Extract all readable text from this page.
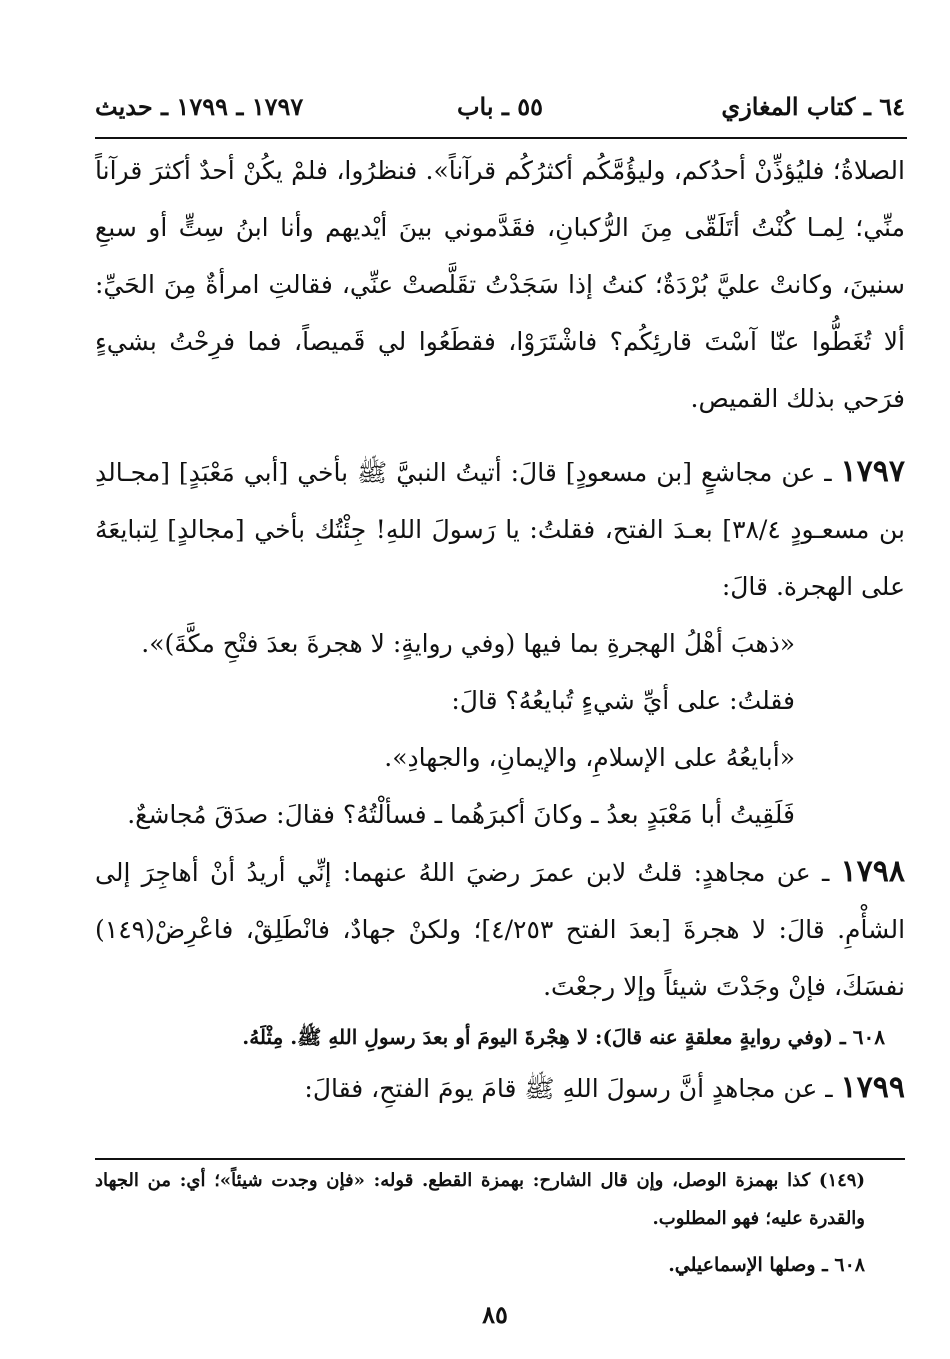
٦٤ ـ كتاب المغازي
٥٥ ـ باب
١٧٩٧ ـ ١٧٩٩ ـ حديث

الصلاةُ؛ فليُؤذِّنْ أحدُكم، وليؤُمَّكُم أكثرُكُم قرآناً». فنظرُوا، فلمْ يكُنْ أحدٌ أكثرَ قرآناً منِّي؛ لِمـا كُنْتُ أتَلَقّى مِنَ الرُّكبانِ، فقَدَّموني بينَ أيْديهم وأنا ابنُ سِتٍّ أو سبعِ سنينَ، وكانتْ عليَّ بُرْدَةٌ؛ كنتُ إذا سَجَدْتُ تقَلَّصتْ عنِّي، فقالتِ امرأةٌ مِنَ الحَيِّ: ألا تُغَطُّوا عنّا آسْتَ قارئِكُم؟ فاشْتَرَوْا، فقطَعُوا لي قَميصاً، فما فرِحْتُ بشيءٍ فرَحي بذلك القميص.

١٧٩٧ ـ عن مجاشعٍ [بن مسعودٍ] قالَ: أتيتُ النبيَّ ﷺ بأخي [أبي مَعْبَدٍ] [مجـالدِ بن مسعـودٍ ٣٨/٤] بعـدَ الفتح، فقلتُ: يا رَسولَ اللهِ! جِئْتُك بأخي [مجالدٍ] لِتبايعَهُ على الهجرة. قالَ:

«ذهبَ أهْلُ الهجرةِ بما فيها (وفي روايةٍ: لا هجرةَ بعدَ فتْحِ مكَّةَ)».

فقلتُ: على أيِّ شيءٍ تُبايعُهُ؟ قالَ:

«أبايعُهُ على الإسلامِ، والإيمانِ، والجهادِ».

فَلَقِيتُ أبا مَعْبَدٍ بعدُ ـ وكانَ أكبرَهُما ـ فسألْتُهُ؟ فقالَ: صدَقَ مُجاشعٌ.

١٧٩٨ ـ عن مجاهدٍ: قلتُ لابن عمرَ رضيَ اللهُ عنهما: إنِّي أريدُ أنْ أهاجِرَ إلى الشأْمِ. قالَ: لا هجرةَ [بعدَ الفتح ٤/٢٥٣]؛ ولكنْ جهادٌ، فانْطَلِقْ، فاعْرِضْ(١٤٩) نفسَكَ، فإنْ وجَدْتَ شيئاً وإلا رجعْتَ.

٦٠٨ ـ (وفي روايةٍ معلقةٍ عنه قالَ): لا هِجْرةَ اليومَ أو بعدَ رسولِ اللهِ ﷺ. مِثْلَهُ.

١٧٩٩ ـ عن مجاهدٍ أنَّ رسولَ اللهِ ﷺ قامَ يومَ الفتحِ، فقالَ:

(١٤٩) كذا بهمزة الوصل، وإن قال الشارح: بهمزة القطع. قوله: «فإن وجدت شيئاً»؛ أي: من الجهاد والقدرة عليه؛ فهو المطلوب.

٦٠٨ ـ وصلها الإسماعيلي.

٨٥
